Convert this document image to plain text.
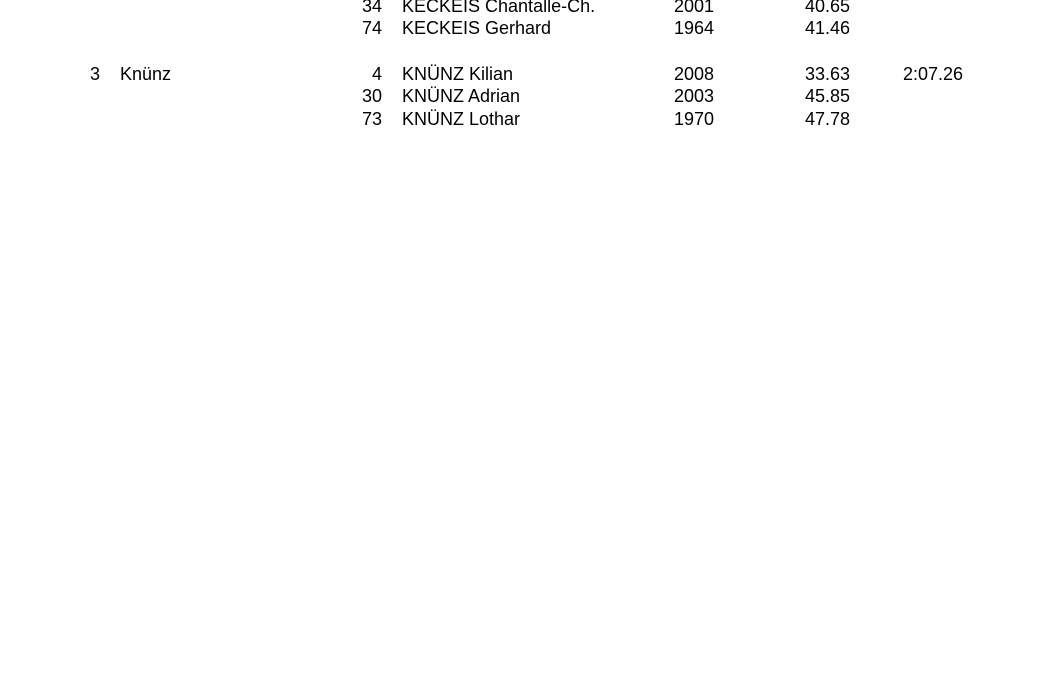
34 KECKEIS Chantalle-Ch.	2001	40.65
74 KECKEIS Gerhard	1964	41.46
3 Knünz	4 KNÜNZ Kilian	2008	33.63	2:07.26
30 KNÜNZ Adrian	2003	45.85
73 KNÜNZ Lothar	1970	47.78
